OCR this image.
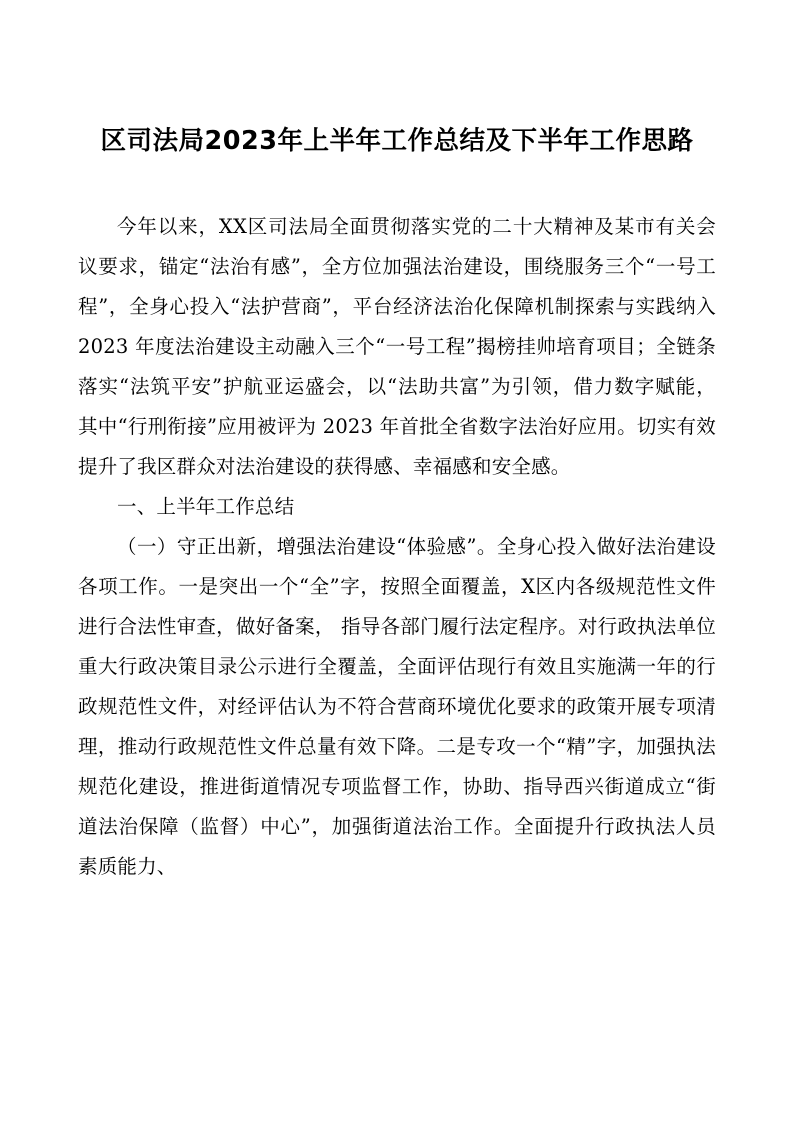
区司法局2023年上半年工作总结及下半年工作思路

今年以来，XX区司法局全面贯彻落实党的二十大精神及某市有关会议要求，锚定“法治有感”，全方位加强法治建设，围绕服务三个“一号工程”，全身心投入“法护营商”，平台经济法治化保障机制探索与实践纳入 2023 年度法治建设主动融入三个“一号工程”揭榜挂帅培育项目；全链条落实“法筑平安”护航亚运盛会，以“法助共富”为引领，借力数字赋能， 其中“行刑衔接”应用被评为 2023 年首批全省数字法治好应用。切实有效提升了我区群众对法治建设的获得感、幸福感和安全感。

一、上半年工作总结

（一）守正出新，增强法治建设“体验感”。全身心投入做好法治建设各项工作。一是突出一个“全”字，按照全面覆盖，X区内各级规范性文件进行合法性审查，做好备案， 指导各部门履行法定程序。对行政执法单位重大行政决策目录公示进行全覆盖，全面评估现行有效且实施满一年的行政规范性文件，对经评估认为不符合营商环境优化要求的政策开展专项清理，推动行政规范性文件总量有效下降。二是专攻一个“精”字，加强执法规范化建设，推进街道情况专项监督工作，协助、指导西兴街道成立“街道法治保障（监督）中心”，加强街道法治工作。全面提升行政执法人员素质能力、
